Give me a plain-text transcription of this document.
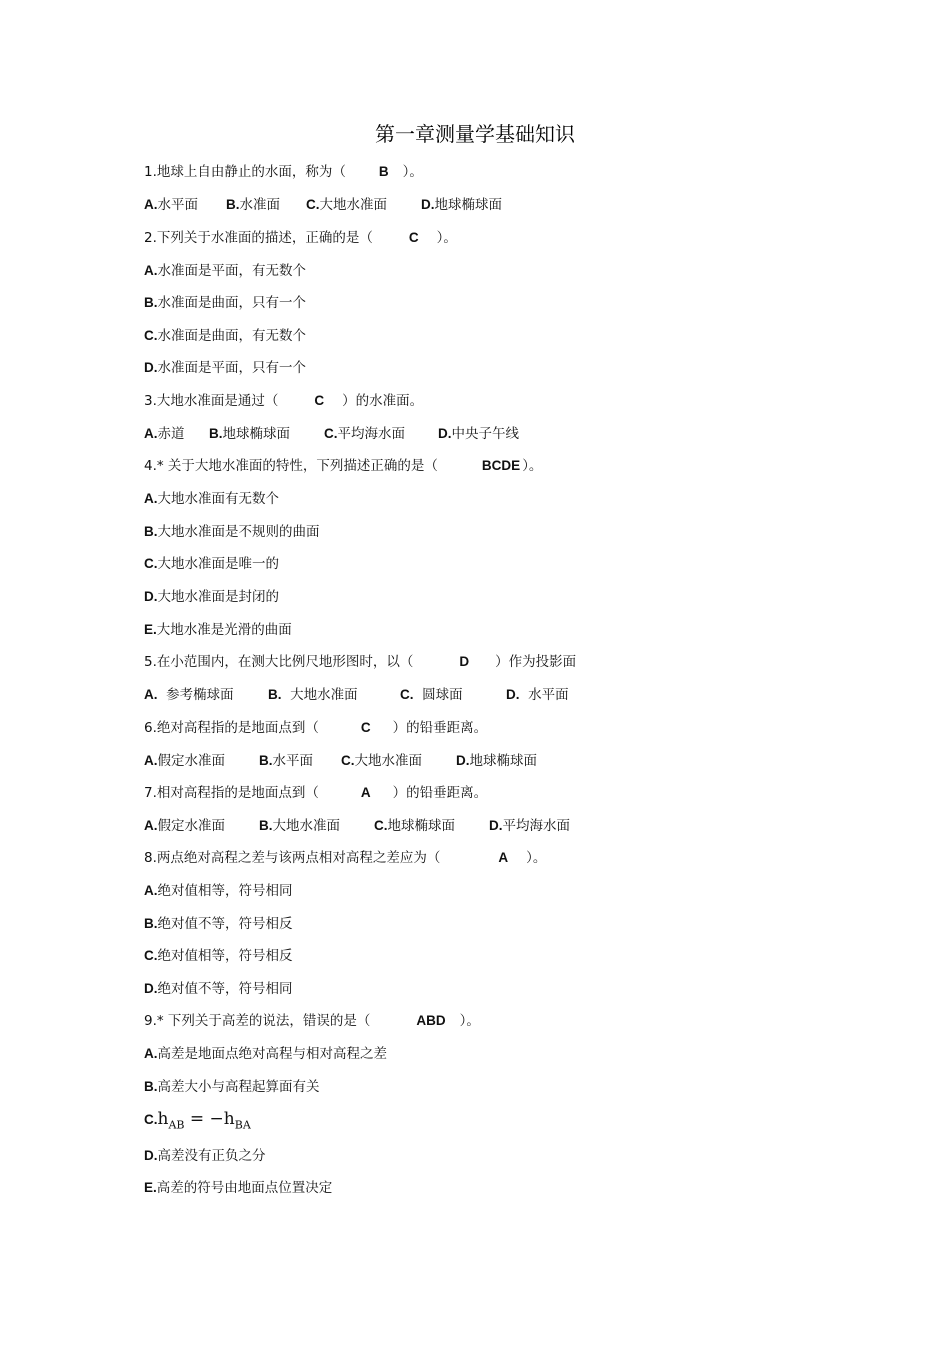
第一章测量学基础知识
1.地球上自由静止的水面，称为（ B ）。
A.水平面 B.水准面 C.大地水准面	D.地球椭球面
2.下列关于水准面的描述，正确的是（	C ）。
A.水准面是平面，有无数个
B.水准面是曲面，只有一个
C.水准面是曲面，有无数个
D.水准面是平面，只有一个
3.大地水准面是通过（	C ）的水准面。
A.赤道 B.地球椭球面	C.平均海水面 D.中央子午线
4.* 关于大地水准面的特性，下列描述正确的是（	BCDE ）。
A.大地水准面有无数个
B.大地水准面是不规则的曲面
C.大地水准面是唯一的
D.大地水准面是封闭的
E.大地水准是光滑的曲面
5.在小范围内，在测大比例尺地形图时，以（	D ）作为投影面
A. 参考椭球面	B. 大地水准面	C. 圆球面	D. 水平面
6.绝对高程指的是地面点到（	C ）的铅垂距离。
A.假定水准面	B.水平面 C.大地水准面	D.地球椭球面
7.相对高程指的是地面点到（	A ）的铅垂距离。
A.假定水准面	B.大地水准面	C.地球椭球面	D.平均海水面
8.两点绝对高程之差与该两点相对高程之差应为（	A ）。
A.绝对值相等，符号相同
B.绝对值不等，符号相反
C.绝对值相等，符号相反
D.绝对值不等，符号相同
9.* 下列关于高差的说法，错误的是（	ABD ）。
A.高差是地面点绝对高程与相对高程之差
B.高差大小与高程起算面有关
$C.h_{AB} = -h_{BA}$
D.高差没有正负之分
E.高差的符号由地面点位置决定
